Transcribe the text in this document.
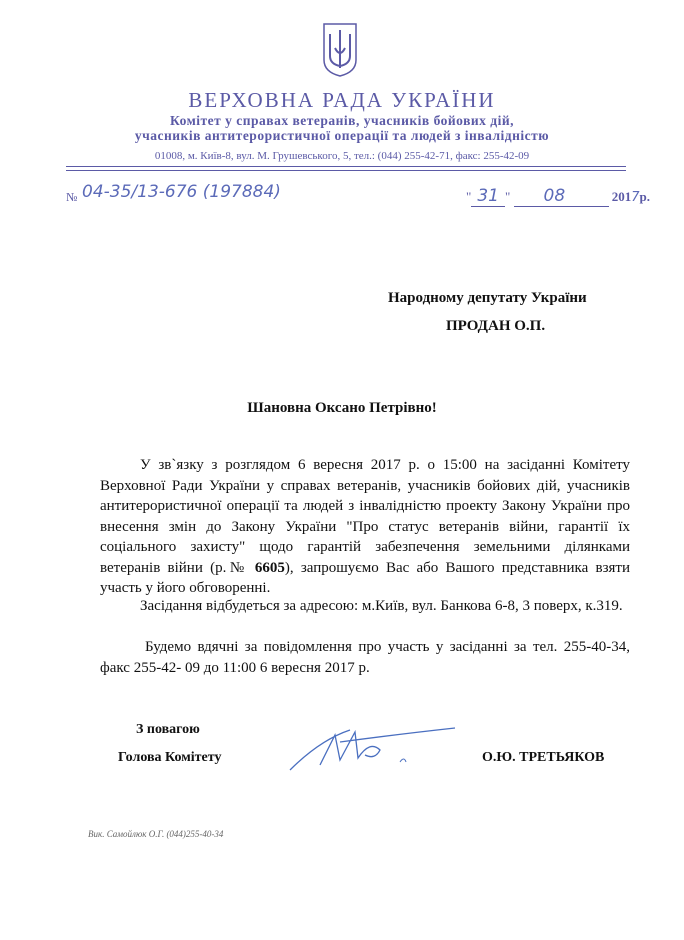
ВЕРХОВНА РАДА УКРАЇНИ
Комітет у справах ветеранів, учасників бойових дій,
учасників антитерористичної операції та людей з інвалідністю
01008, м. Київ-8, вул. М. Грушевського, 5, тел.: (044) 255-42-71, факс: 255-42-09
№ 04-35/13-676 (197884)	" 31 " 08	2017р.
Народному депутату України
ПРОДАН О.П.
Шановна Оксано Петрівно!
У зв`язку з розглядом 6 вересня 2017 р. о 15:00 на засіданні Комітету Верховної Ради України у справах ветеранів, учасників бойових дій, учасників антитерористичної операції та людей з інвалідністю проекту Закону України про внесення змін до Закону України "Про статус ветеранів війни, гарантії їх соціального захисту" щодо гарантій забезпечення земельними ділянками ветеранів війни (р.№ 6605), запрошуємо Вас або Вашого представника взяти участь у його обговоренні.
Засідання відбудеться за адресою: м.Київ, вул. Банкова 6-8, 3 поверх, к.319.
Будемо вдячні за повідомлення про участь у засіданні за тел. 255-40-34, факс 255-42- 09 до 11:00 6 вересня 2017 р.
З повагою
Голова Комітету	О.Ю. ТРЕТЬЯКОВ
Вик. Самойлюк О.Г. (044)255-40-34
